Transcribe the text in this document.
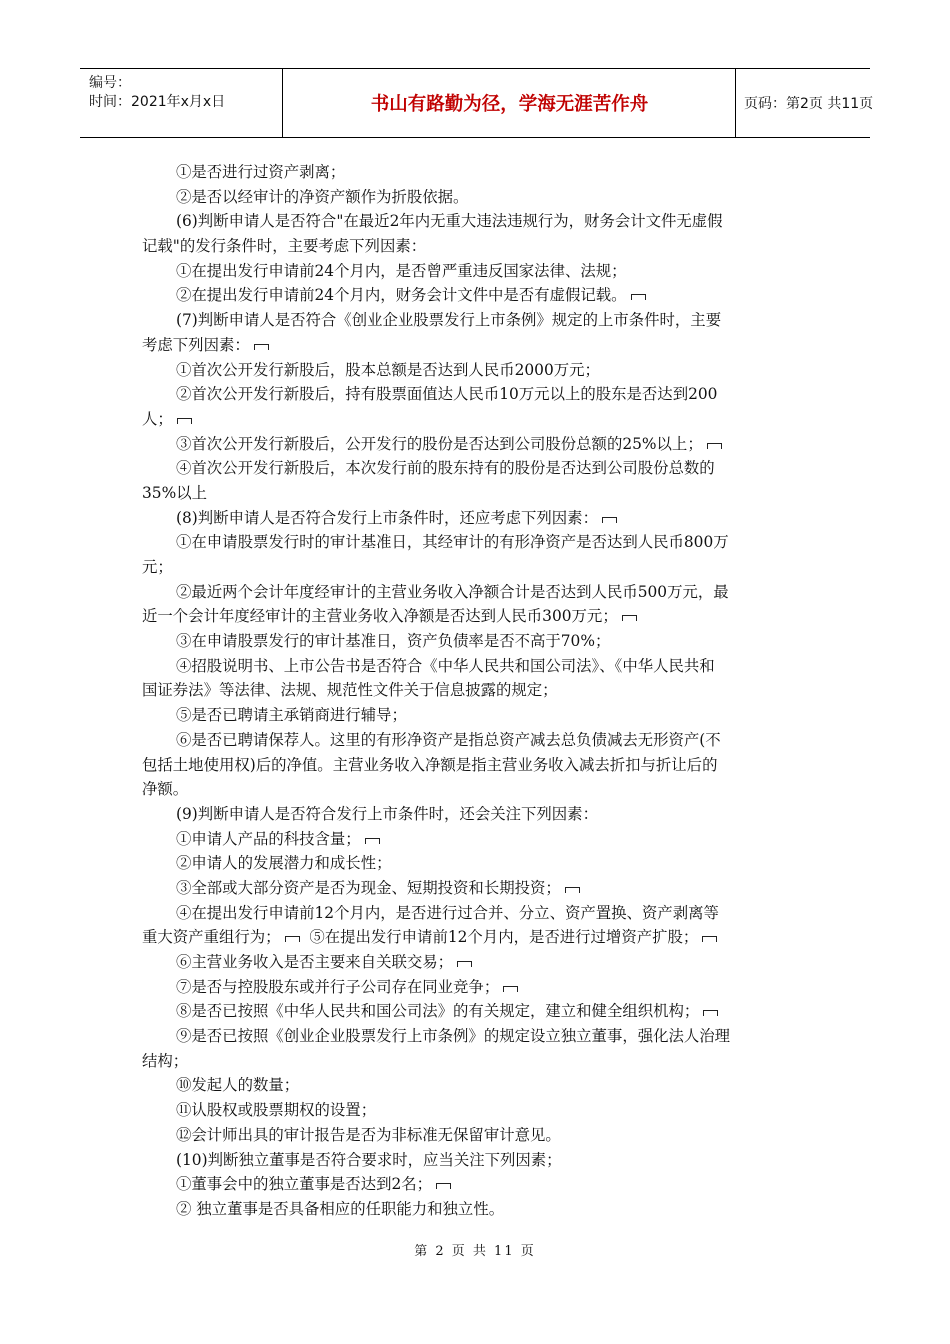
编号：
时间：2021年x月x日	书山有路勤为径，学海无涯苦作舟	页码：第2页 共11页
①是否进行过资产剥离；
②是否以经审计的净资产额作为折股依据。
(6)判断申请人是否符合"在最近2年内无重大违法违规行为，财务会计文件无虚假
记载"的发行条件时，主要考虑下列因素：
①在提出发行申请前24个月内，是否曾严重违反国家法律、法规；
②在提出发行申请前24个月内，财务会计文件中是否有虚假记载。
(7)判断申请人是否符合《创业企业股票发行上市条例》规定的上市条件时，主要
考虑下列因素：
①首次公开发行新股后，股本总额是否达到人民币2000万元；
②首次公开发行新股后，持有股票面值达人民币10万元以上的股东是否达到200
人；
③首次公开发行新股后，公开发行的股份是否达到公司股份总额的25%以上；
④首次公开发行新股后，本次发行前的股东持有的股份是否达到公司股份总数的
35%以上
(8)判断申请人是否符合发行上市条件时，还应考虑下列因素：
①在申请股票发行时的审计基准日，其经审计的有形净资产是否达到人民币800万
元；
②最近两个会计年度经审计的主营业务收入净额合计是否达到人民币500万元，最
近一个会计年度经审计的主营业务收入净额是否达到人民币300万元；
③在申请股票发行的审计基准日，资产负债率是否不高于70%；
④招股说明书、上市公告书是否符合《中华人民共和国公司法》、《中华人民共和
国证券法》等法律、法规、规范性文件关于信息披露的规定；
⑤是否已聘请主承销商进行辅导；
⑥是否已聘请保荐人。这里的有形净资产是指总资产减去总负债减去无形资产(不
包括土地使用权)后的净值。主营业务收入净额是指主营业务收入减去折扣与折让后的
净额。
(9)判断申请人是否符合发行上市条件时，还会关注下列因素：
①申请人产品的科技含量；
②申请人的发展潜力和成长性；
③全部或大部分资产是否为现金、短期投资和长期投资；
④在提出发行申请前12个月内，是否进行过合并、分立、资产置换、资产剥离等
重大资产重组行为；  ⑤在提出发行申请前12个月内，是否进行过增资产扩股；
⑥主营业务收入是否主要来自关联交易；
⑦是否与控股股东或并行子公司存在同业竞争；
⑧是否已按照《中华人民共和国公司法》的有关规定，建立和健全组织机构；
⑨是否已按照《创业企业股票发行上市条例》的规定设立独立董事，强化法人治理
结构；
⑩发起人的数量；
⑪认股权或股票期权的设置；
⑫会计师出具的审计报告是否为非标准无保留审计意见。
(10)判断独立董事是否符合要求时，应当关注下列因素；
①董事会中的独立董事是否达到2名；
② 独立董事是否具备相应的任职能力和独立性。
第 2 页 共 11 页
